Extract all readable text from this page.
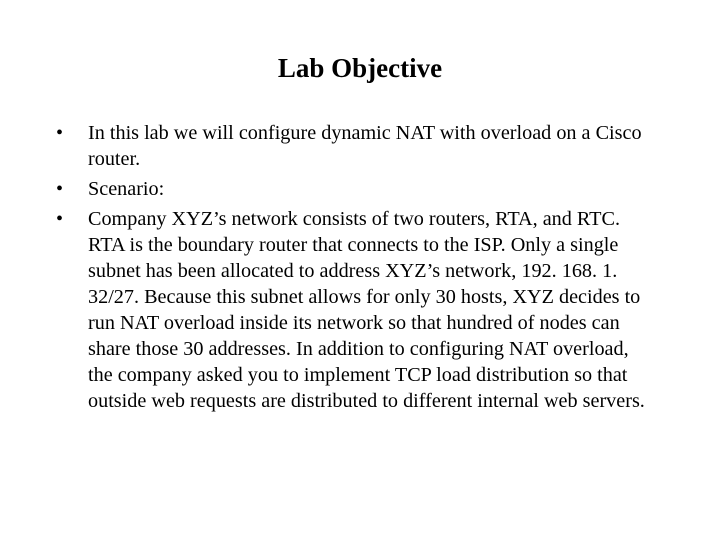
Lab Objective
• In this lab we will configure dynamic NAT with overload on a Cisco router.
• Scenario:
• Company XYZ’s network consists of two routers, RTA, and RTC. RTA is the boundary router that connects to the ISP. Only a single subnet has been allocated to address XYZ’s network, 192. 168. 1. 32/27. Because this subnet allows for only 30 hosts, XYZ decides to run NAT overload inside its network so that hundred of nodes can share those 30 addresses. In addition to configuring NAT overload, the company asked you to implement TCP load distribution so that outside web requests are distributed to different internal web servers.
